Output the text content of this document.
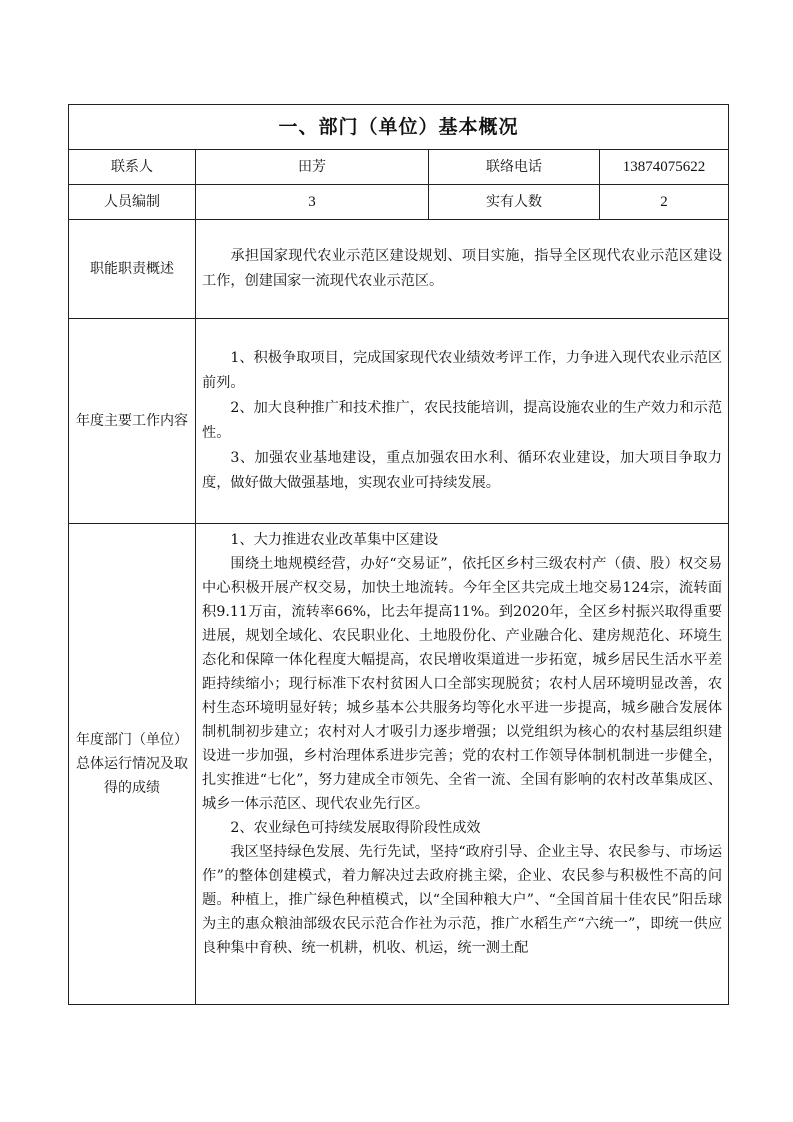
一、部门（单位）基本概况			
联系人	田芳	联络电话	13874075622
人员编制	3	实有人数	2
职能职责概述	承担国家现代农业示范区建设规划、项目实施，指导全区现代农业示范区建设工作，创建国家一流现代农业示范区。		

年度主要工作内容	1、积极争取项目，完成国家现代农业绩效考评工作，力争进入现代农业示范区前列。

2、加大良种推广和技术推广，农民技能培训，提高设施农业的生产效力和示范性。

3、加强农业基地建设，重点加强农田水利、循环农业建设，加大项目争取力度，做好做大做强基地，实现农业可持续发展。		

年度部门（单位）总体运行情况及取得的成绩	1、大力推进农业改革集中区建设

围绕土地规模经营，办好“交易证”，依托区乡村三级农村产（债、股）权交易中心积极开展产权交易，加快土地流转。今年全区共完成土地交易124宗，流转面积9.11万亩，流转率66%，比去年提高11%。到2020年，全区乡村振兴取得重要进展，规划全域化、农民职业化、土地股份化、产业融合化、建房规范化、环境生态化和保障一体化程度大幅提高，农民增收渠道进一步拓宽，城乡居民生活水平差距持续缩小；现行标准下农村贫困人口全部实现脱贫；农村人居环境明显改善，农村生态环境明显好转；城乡基本公共服务均等化水平进一步提高，城乡融合发展体制机制初步建立；农村对人才吸引力逐步增强；以党组织为核心的农村基层组织建设进一步加强，乡村治理体系进步完善；党的农村工作领导体制机制进一步健全，扎实推进“七化”，努力建成全市领先、全省一流、全国有影响的农村改革集成区、城乡一体示范区、现代农业先行区。

2、农业绿色可持续发展取得阶段性成效

我区坚持绿色发展、先行先试，坚持“政府引导、企业主导、农民参与、市场运作”的整体创建模式，着力解决过去政府挑主梁，企业、农民参与积极性不高的问题。种植上，推广绿色种植模式，以“全国种粮大户”、“全国首届十佳农民”阳岳球为主的惠众粮油部级农民示范合作社为示范，推广水稻生产“六统一”，即统一供应良种集中育秧、统一机耕，机收、机运，统一测土配		
